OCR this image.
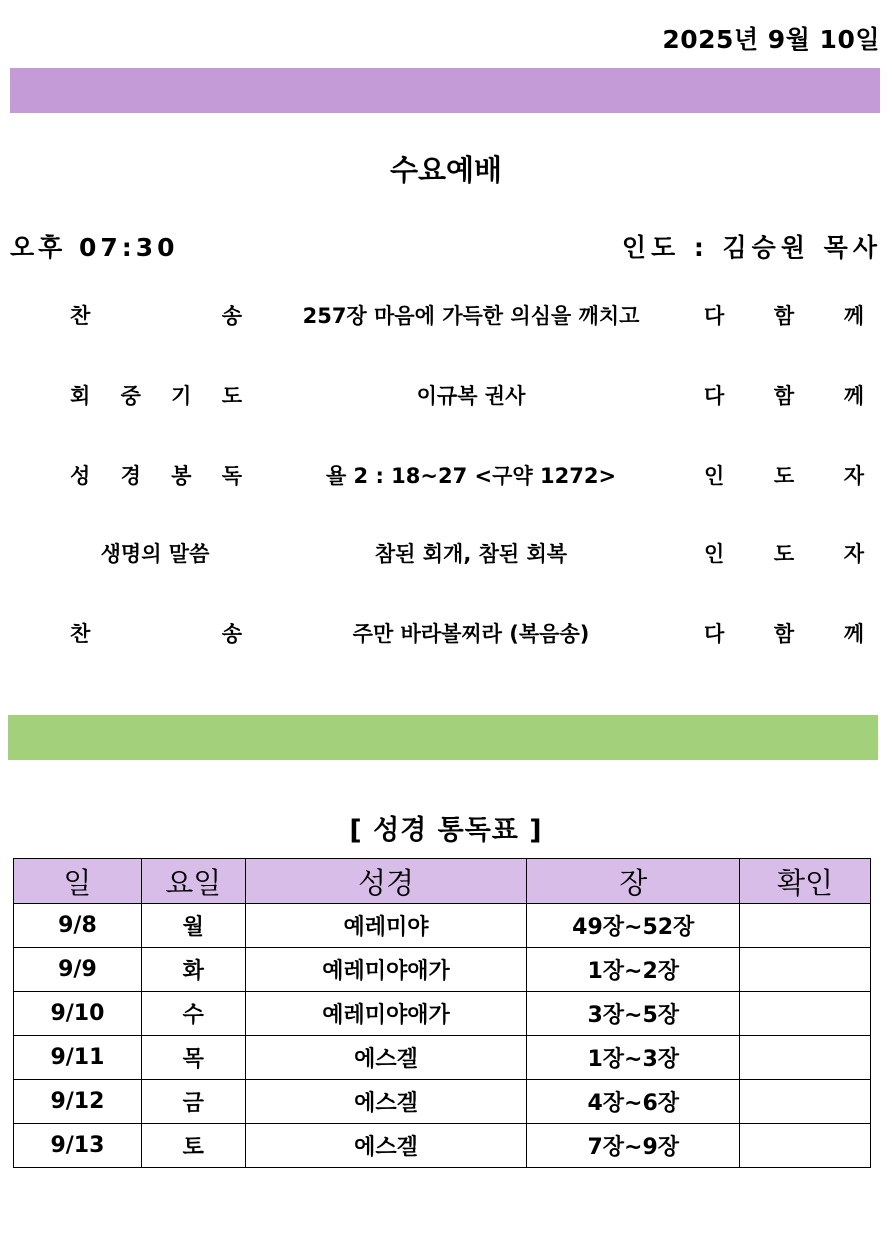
2025년 9월 10일
수요예배
오후 07:30	인도 : 김승원 목사
찬	송	257장 마음에 가득한 의심을 깨치고	다 함 께
회 중 기 도	이규복 권사	다 함 께
성 경 봉 독	욜 2 : 18~27 <구약 1272>	인 도 자
생명의 말씀	참된 회개, 참된 회복	인 도 자
찬	송	주만 바라볼찌라 (복음송)	다 함 께
[ 성경 통독표 ]
일	요일	성경	장	확인
9/8	월	예레미야	49장~52장	
9/9	화	예레미야애가	1장~2장	
9/10	수	예레미야애가	3장~5장	
9/11	목	에스겔	1장~3장	
9/12	금	에스겔	4장~6장	
9/13	토	에스겔	7장~9장	
